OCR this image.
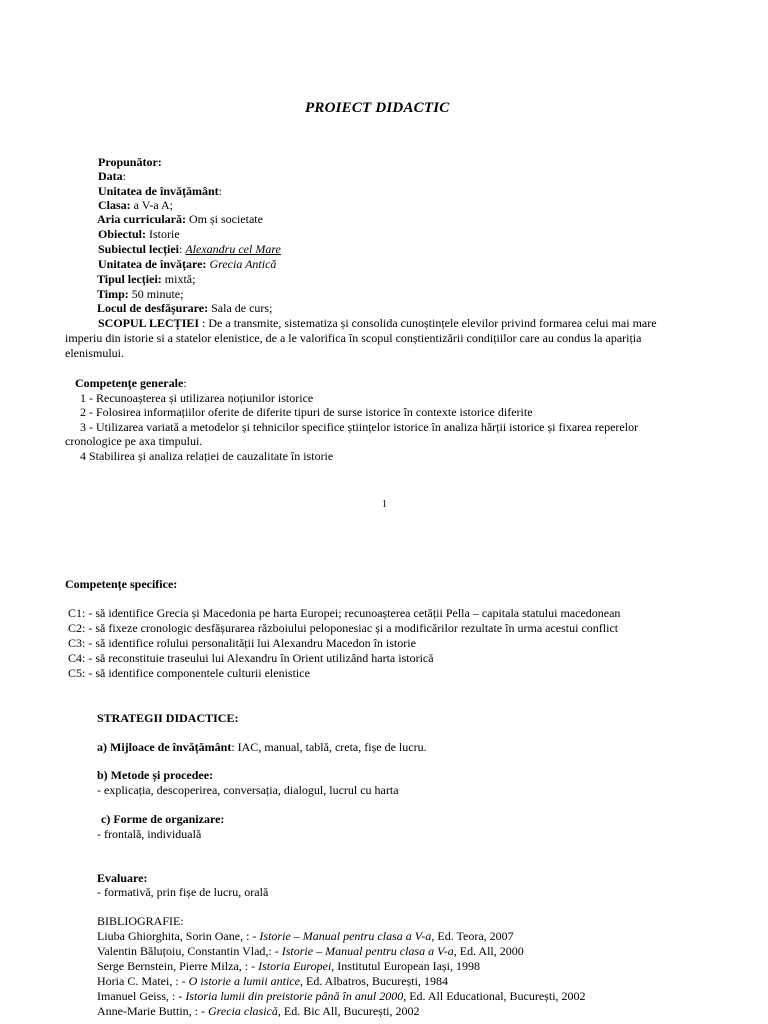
PROIECT DIDACTIC
Propunător:
Data:
Unitatea de învățământ:
Clasa: a V-a A;
Aria curriculară: Om și societate
Obiectul: Istorie
Subiectul lecției: Alexandru cel Mare
Unitatea de învățare: Grecia Antică
Tipul lecției: mixtă;
Timp: 50 minute;
Locul de desfășurare: Sala de curs;
SCOPUL LECȚIEI : De a transmite, sistematiza și consolida cunoștințele elevilor privind formarea celui mai mare
imperiu din istorie si a statelor elenistice, de a le valorifica în scopul conștientizării condițiilor care au condus la apariția
elenismului.
Competențe generale:
1 - Recunoașterea și utilizarea noțiunilor istorice
2 - Folosirea informațiilor oferite de diferite tipuri de surse istorice în contexte istorice diferite
3 - Utilizarea variată a metodelor și tehnicilor specifice științelor istorice în analiza hărții istorice și fixarea reperelor
cronologice pe axa timpului.
4 Stabilirea și analiza relației de cauzalitate în istorie
1
Competențe specifice:
C1: - să identifice Grecia și Macedonia pe harta Europei; recunoașterea cetății Pella – capitala statului macedonean
C2: - să fixeze cronologic desfășurarea războiului peloponesiac și a modificărilor rezultate în urma acestui conflict
C3: - să identifice rolului personalității lui Alexandru Macedon în istorie
C4: - să reconstituie traseului lui Alexandru în Orient utilizând harta istorică
C5: - să identifice componentele culturii elenistice
STRATEGII DIDACTICE:
a) Mijloace de învățământ: IAC, manual, tablă, creta, fișe de lucru.
b) Metode și procedee:
- explicația, descoperirea, conversația, dialogul, lucrul cu harta
c) Forme de organizare:
- frontală, individuală
Evaluare:
- formativă, prin fișe de lucru, orală
BIBLIOGRAFIE:
Liuba Ghiorghita, Sorin Oane, : - Istorie – Manual pentru clasa a V-a, Ed. Teora, 2007
Valentin Băluțoiu, Constantin Vlad,: - Istorie – Manual pentru clasa a V-a, Ed. All, 2000
Serge Bernstein, Pierre Milza, : - Istoria Europei, Institutul European Iași, 1998
Horia C. Matei, : - O istorie a lumii antice, Ed. Albatros, București, 1984
Imanuel Geiss, : - Istoria lumii din preistorie până în anul 2000, Ed. All Educational, București, 2002
Anne-Marie Buttin, : - Grecia clasică, Ed. Bic All, București, 2002
